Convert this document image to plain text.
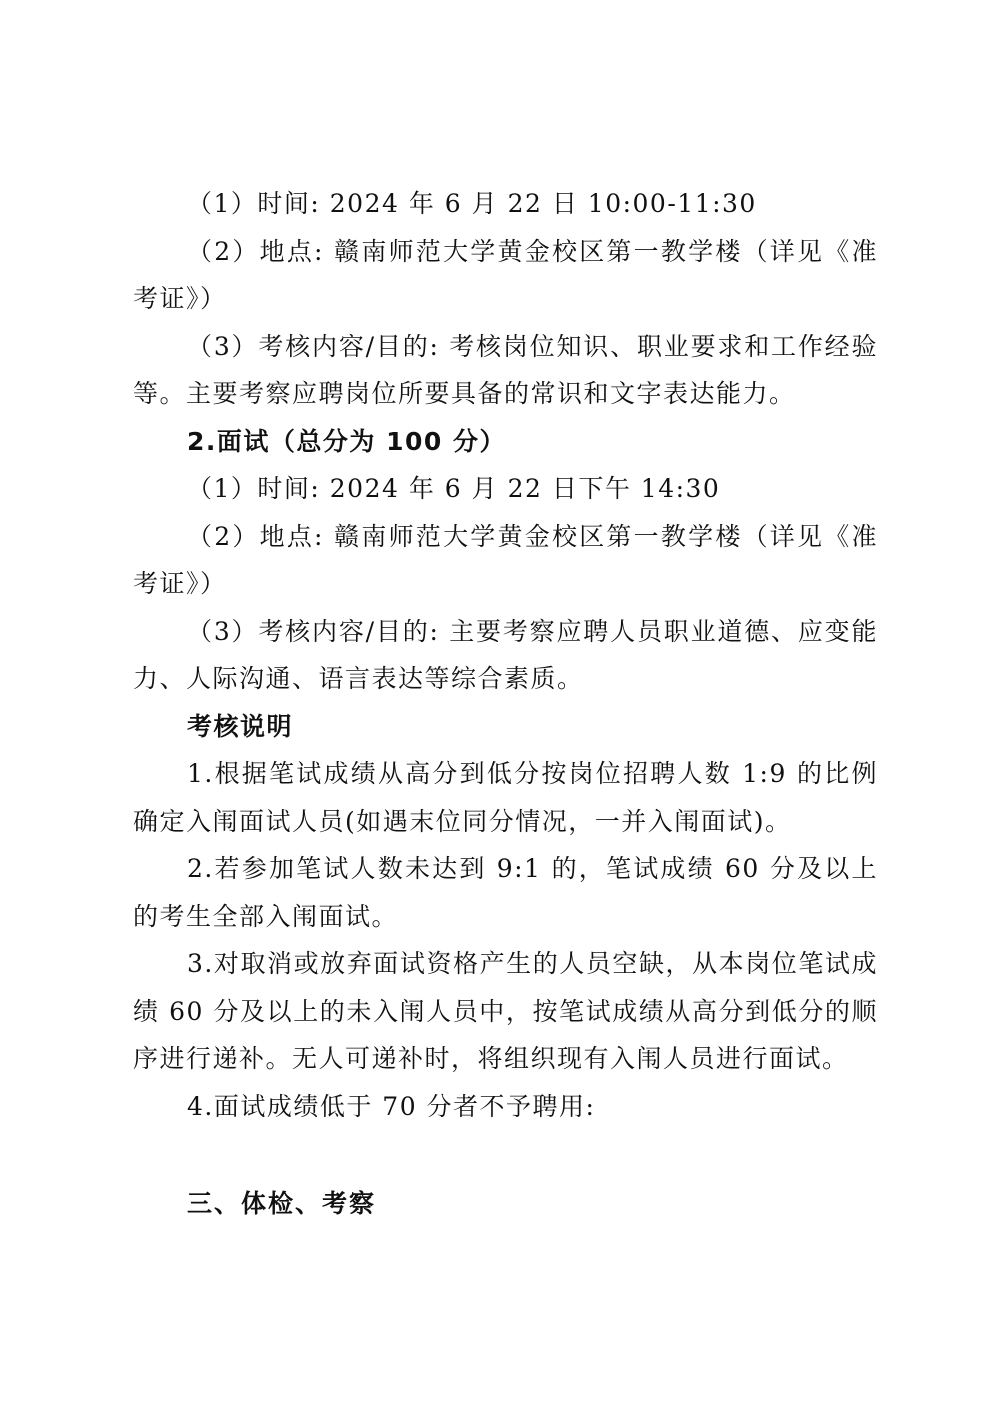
（1）时间: 2024 年 6 月 22 日 10:00-11:30

（2）地点: 赣南师范大学黄金校区第一教学楼（详见《准考证》）

（3）考核内容/目的: 考核岗位知识、职业要求和工作经验等。主要考察应聘岗位所要具备的常识和文字表达能力。

2.面试（总分为 100 分）

（1）时间: 2024 年 6 月 22 日下午 14:30

（2）地点: 赣南师范大学黄金校区第一教学楼（详见《准考证》）

（3）考核内容/目的: 主要考察应聘人员职业道德、应变能力、人际沟通、语言表达等综合素质。

考核说明

1.根据笔试成绩从高分到低分按岗位招聘人数 1:9 的比例确定入闱面试人员(如遇末位同分情况，一并入闱面试)。

2.若参加笔试人数未达到 9:1 的，笔试成绩 60 分及以上的考生全部入闱面试。

3.对取消或放弃面试资格产生的人员空缺，从本岗位笔试成绩 60 分及以上的未入闱人员中，按笔试成绩从高分到低分的顺序进行递补。无人可递补时，将组织现有入闱人员进行面试。

4.面试成绩低于 70 分者不予聘用:

三、体检、考察
